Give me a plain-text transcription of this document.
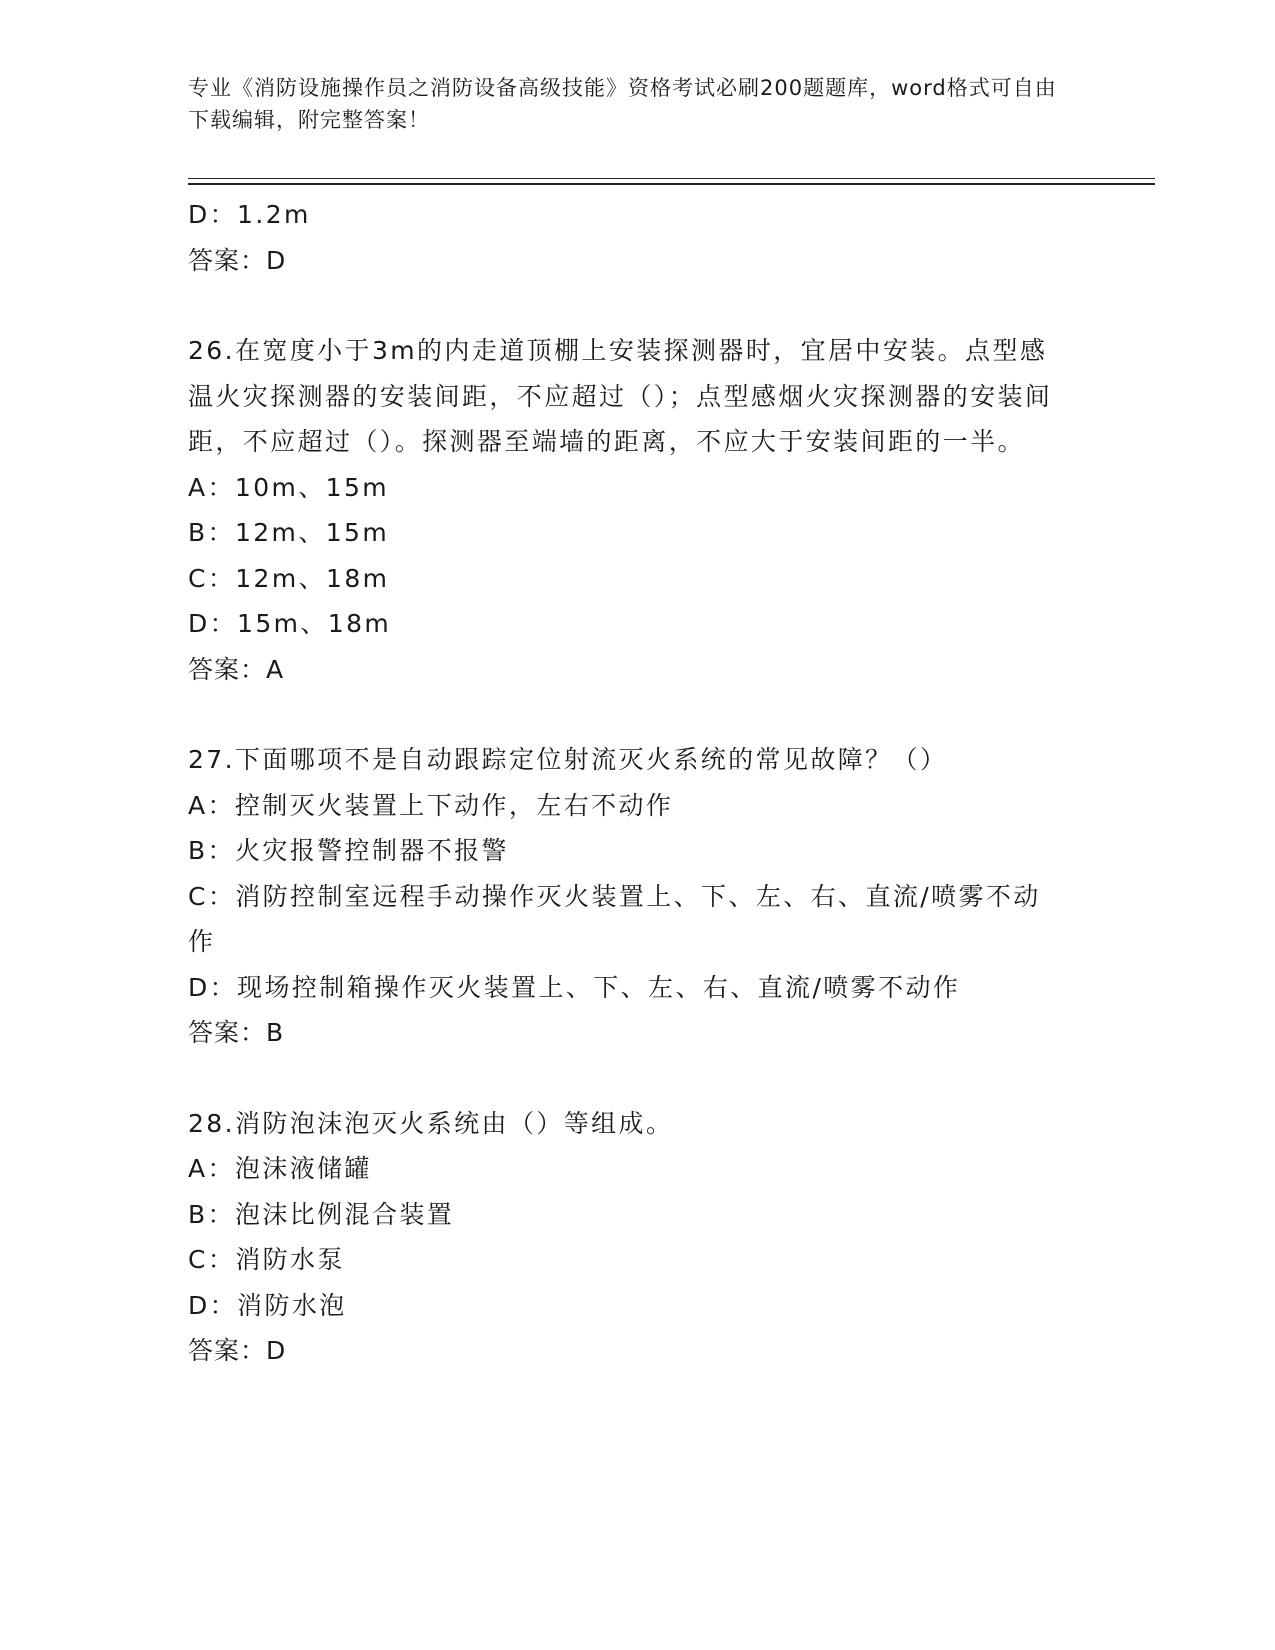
专业《消防设施操作员之消防设备高级技能》资格考试必刷200题题库，word格式可自由下载编辑，附完整答案！
D：1.2m
答案：D
26.在宽度小于3m的内走道顶棚上安装探测器时，宜居中安装。点型感温火灾探测器的安装间距，不应超过（）；点型感烟火灾探测器的安装间距，不应超过（）。探测器至端墙的距离，不应大于安装间距的一半。
A：10m、15m
B：12m、15m
C：12m、18m
D：15m、18m
答案：A
27.下面哪项不是自动跟踪定位射流灭火系统的常见故障？（）
A：控制灭火装置上下动作，左右不动作
B：火灾报警控制器不报警
C：消防控制室远程手动操作灭火装置上、下、左、右、直流/喷雾不动作
D：现场控制箱操作灭火装置上、下、左、右、直流/喷雾不动作
答案：B
28.消防泡沫泡灭火系统由（）等组成。
A：泡沫液储罐
B：泡沫比例混合装置
C：消防水泵
D：消防水泡
答案：D
